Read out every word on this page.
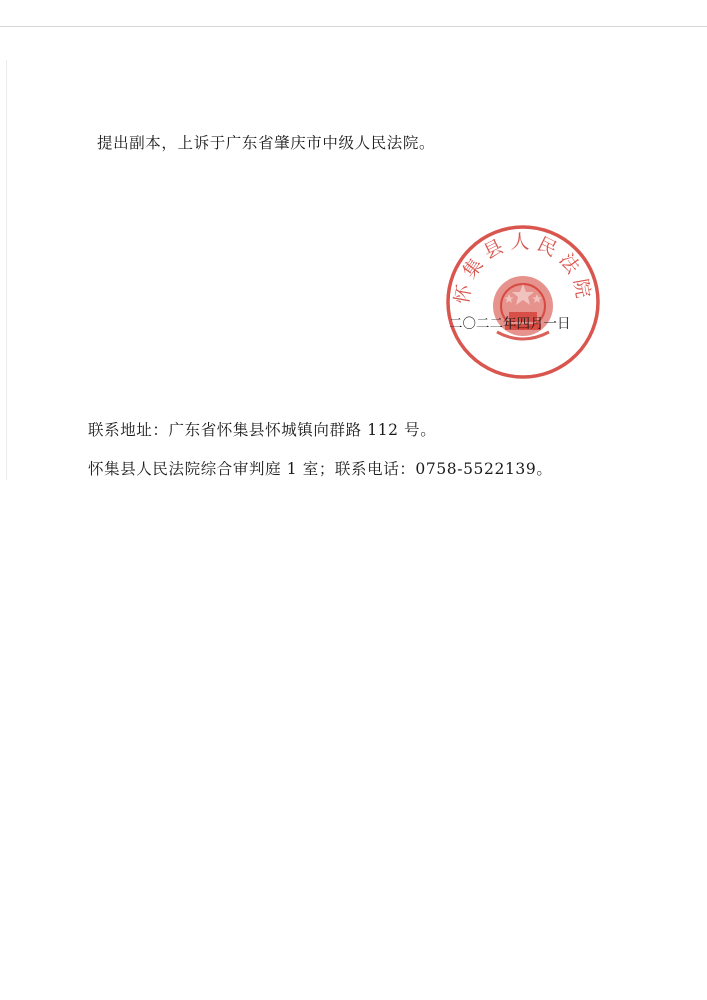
提出副本，上诉于广东省肇庆市中级人民法院。
怀集县人民法院
二〇二二年四月一日
联系地址：广东省怀集县怀城镇向群路 112 号。
怀集县人民法院综合审判庭 1 室；联系电话：0758-5522139。
